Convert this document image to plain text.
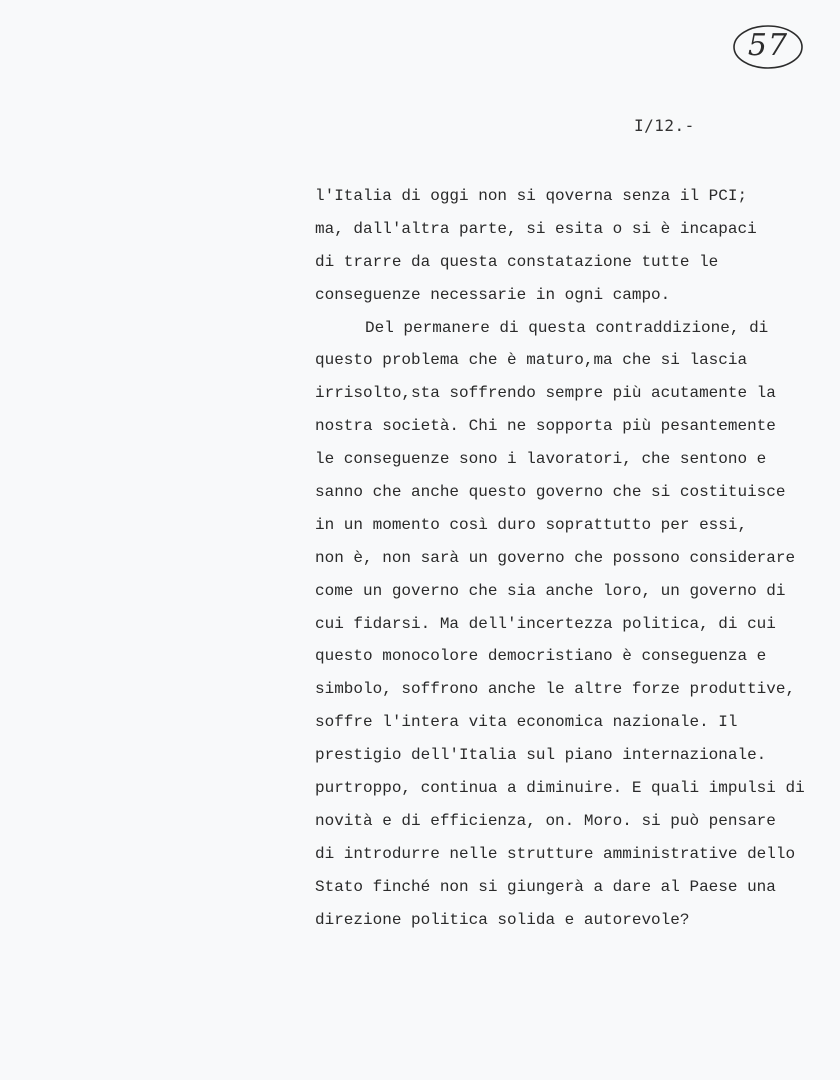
57
I/12.-
l'Italia di oggi non si qoverna senza il PCI;
ma, dall'altra parte, si esita o si è incapaci
di trarre da questa constatazione tutte le
conseguenze necessarie in ogni campo.
Del permanere di questa contraddizione, di
questo problema che è maturo,ma che si lascia
irrisolto,sta soffrendo sempre più acutamente la
nostra società. Chi ne sopporta più pesantemente
le conseguenze sono i lavoratori, che sentono e
sanno che anche questo governo che si costituisce
in un momento così duro soprattutto per essi,
non è, non sarà un governo che possono considerare
come un governo che sia anche loro, un governo di
cui fidarsi. Ma dell'incertezza politica, di cui
questo monocolore democristiano è conseguenza e
simbolo, soffrono anche le altre forze produttive,
soffre l'intera vita economica nazionale. Il
prestigio dell'Italia sul piano internazionale.
purtroppo, continua a diminuire. E quali impulsi di
novità e di efficienza, on. Moro. si può pensare
di introdurre nelle strutture amministrative dello
Stato finché non si giungerà a dare al Paese una
direzione politica solida e autorevole?
